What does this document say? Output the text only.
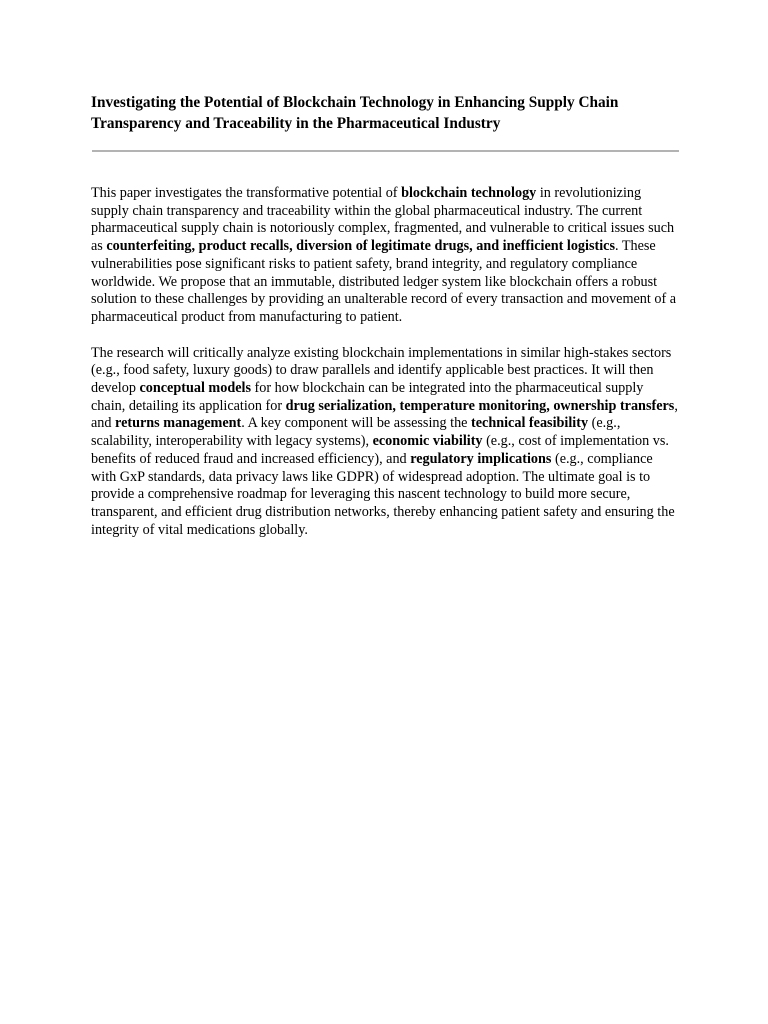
Investigating the Potential of Blockchain Technology in Enhancing Supply Chain Transparency and Traceability in the Pharmaceutical Industry

This paper investigates the transformative potential of blockchain technology in revolutionizing supply chain transparency and traceability within the global pharmaceutical industry. The current pharmaceutical supply chain is notoriously complex, fragmented, and vulnerable to critical issues such as counterfeiting, product recalls, diversion of legitimate drugs, and inefficient logistics. These vulnerabilities pose significant risks to patient safety, brand integrity, and regulatory compliance worldwide. We propose that an immutable, distributed ledger system like blockchain offers a robust solution to these challenges by providing an unalterable record of every transaction and movement of a pharmaceutical product from manufacturing to patient.

The research will critically analyze existing blockchain implementations in similar high-stakes sectors (e.g., food safety, luxury goods) to draw parallels and identify applicable best practices. It will then develop conceptual models for how blockchain can be integrated into the pharmaceutical supply chain, detailing its application for drug serialization, temperature monitoring, ownership transfers, and returns management. A key component will be assessing the technical feasibility (e.g., scalability, interoperability with legacy systems), economic viability (e.g., cost of implementation vs. benefits of reduced fraud and increased efficiency), and regulatory implications (e.g., compliance with GxP standards, data privacy laws like GDPR) of widespread adoption. The ultimate goal is to provide a comprehensive roadmap for leveraging this nascent technology to build more secure, transparent, and efficient drug distribution networks, thereby enhancing patient safety and ensuring the integrity of vital medications globally.
